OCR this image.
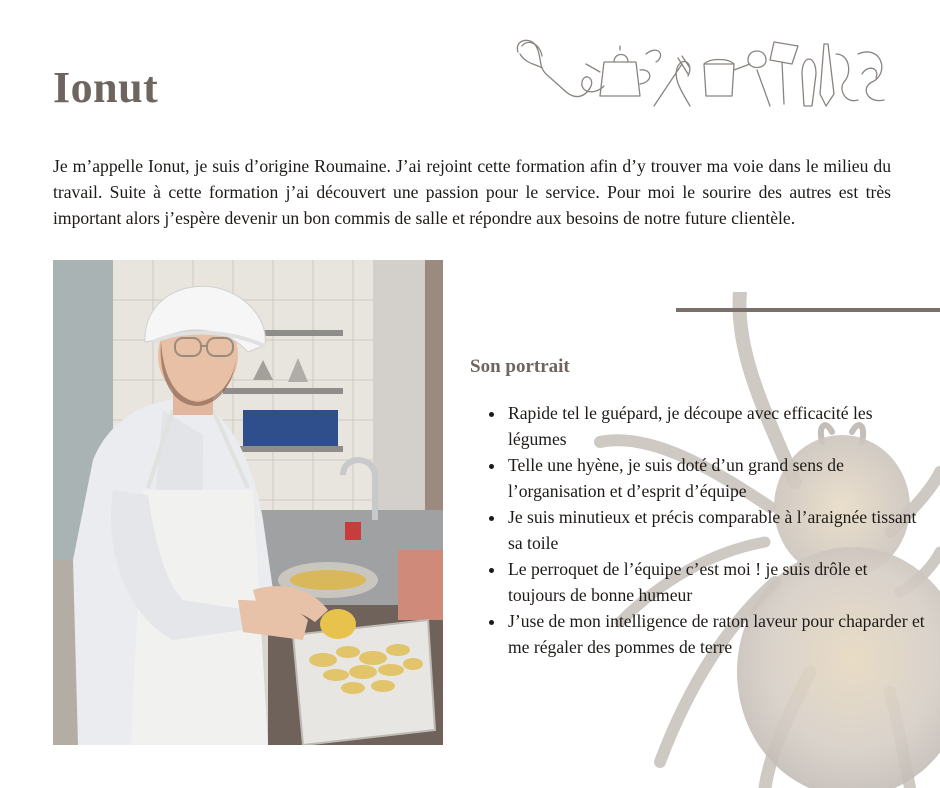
Ionut

Je m’appelle Ionut, je suis d’origine Roumaine. J’ai rejoint cette formation afin d’y trouver ma voie dans le milieu du travail. Suite à cette formation j’ai découvert une passion pour le service. Pour moi le sourire des autres est très important alors j’espère devenir un bon commis de salle et répondre aux besoins de notre future clientèle.

Son portrait
• Rapide tel le guépard, je découpe avec efficacité les légumes
• Telle une hyène, je suis doté d’un grand sens de l’organisation et d’esprit d’équipe
• Je suis minutieux et précis comparable à l’araignée tissant sa toile
• Le perroquet de l’équipe c’est moi ! je suis drôle et toujours de bonne humeur
• J’use de mon intelligence de raton laveur pour chaparder et me régaler des pommes de terre
